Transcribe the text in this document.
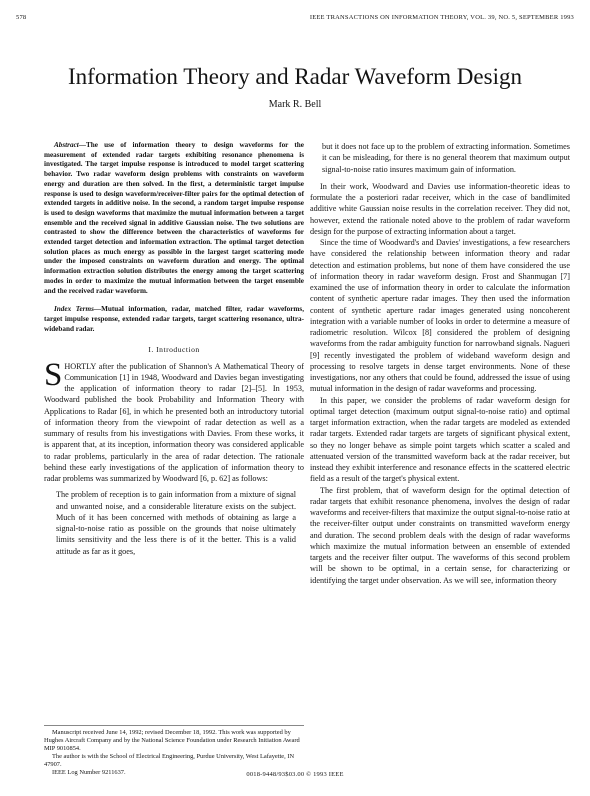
578	IEEE TRANSACTIONS ON INFORMATION THEORY, VOL. 39, NO. 5, SEPTEMBER 1993
Information Theory and Radar Waveform Design
Mark R. Bell

Abstract—The use of information theory to design waveforms for the measurement of extended radar targets exhibiting resonance phenomena is investigated. The target impulse response is introduced to model target scattering behavior. Two radar waveform design problems with constraints on waveform energy and duration are then solved. In the first, a deterministic target impulse response is used to design waveform/receiver-filter pairs for the optimal detection of extended targets in additive noise. In the second, a random target impulse response is used to design waveforms that maximize the mutual information between a target ensemble and the received signal in additive Gaussian noise. The two solutions are contrasted to show the difference between the characteristics of waveforms for extended target detection and information extraction. The optimal target detection solution places as much energy as possible in the largest target scattering mode under the imposed constraints on waveform duration and energy. The optimal information extraction solution distributes the energy among the target scattering modes in order to maximize the mutual information between the target ensemble and the received radar waveform.

Index Terms—Mutual information, radar, matched filter, radar waveforms, target impulse response, extended radar targets, target scattering resonance, ultra-wideband radar.

I. Introduction

SHORTLY after the publication of Shannon's A Mathematical Theory of Communication [1] in 1948, Woodward and Davies began investigating the application of information theory to radar [2]–[5]. In 1953, Woodward published the book Probability and Information Theory with Applications to Radar [6], in which he presented both an introductory tutorial of information theory from the viewpoint of radar detection as well as a summary of results from his investigations with Davies. From these works, it is apparent that, at its inception, information theory was considered applicable to radar problems, particularly in the area of radar detection. The rationale behind these early investigations of the application of information theory to radar problems was summarized by Woodward [6, p. 62] as follows:

The problem of reception is to gain information from a mixture of signal and unwanted noise, and a considerable literature exists on the subject. Much of it has been concerned with methods of obtaining as large a signal-to-noise ratio as possible on the grounds that noise ultimately limits sensitivity and the less there is of it the better. This is a valid attitude as far as it goes,

but it does not face up to the problem of extracting information. Sometimes it can be misleading, for there is no general theorem that maximum output signal-to-noise ratio insures maximum gain of information.

In their work, Woodward and Davies use information-theoretic ideas to formulate the a posteriori radar receiver, which in the case of bandlimited additive white Gaussian noise results in the correlation receiver. They did not, however, extend the rationale noted above to the problem of radar waveform design for the purpose of extracting information about a target.

Since the time of Woodward's and Davies' investigations, a few researchers have considered the relationship between information theory and radar detection and estimation problems, but none of them have considered the use of information theory in radar waveform design. Frost and Shanmugan [7] examined the use of information theory in order to calculate the information content of synthetic aperture radar images. They then used the information content of synthetic aperture radar images generated using noncoherent integration with a variable number of looks in order to determine a measure of radiometric resolution. Wilcox [8] considered the problem of designing waveforms from the radar ambiguity function for narrowband signals. Nagueri [9] recently investigated the problem of wideband waveform design and processing to resolve targets in dense target environments. None of these investigations, nor any others that could be found, addressed the issue of using mutual information in the design of radar waveforms and processing.

In this paper, we consider the problems of radar waveform design for optimal target detection (maximum output signal-to-noise ratio) and optimal target information extraction, when the radar targets are modeled as extended radar targets. Extended radar targets are targets of significant physical extent, so they no longer behave as simple point targets which scatter a scaled and attenuated version of the transmitted waveform back at the radar receiver, but instead they exhibit interference and resonance effects in the scattered electric field as a result of the target's physical extent.

The first problem, that of waveform design for the optimal detection of radar targets that exhibit resonance phenomena, involves the design of radar waveforms and receiver-filters that maximize the output signal-to-noise ratio at the receiver-filter output under constraints on transmitted waveform energy and duration. The second problem deals with the design of radar waveforms which maximize the mutual information between an ensemble of extended targets and the receiver filter output. The waveforms of this second problem will be shown to be optimal, in a certain sense, for characterizing or identifying the target under observation. As we will see, information theory

Manuscript received June 14, 1992; revised December 18, 1992. This work was supported by Hughes Aircraft Company and by the National Science Foundation under Research Initiation Award MIP 9010854.

The author is with the School of Electrical Engineering, Purdue University, West Lafayette, IN 47907.

IEEE Log Number 9211637.	0018-9448/93$03.00 © 1993 IEEE
